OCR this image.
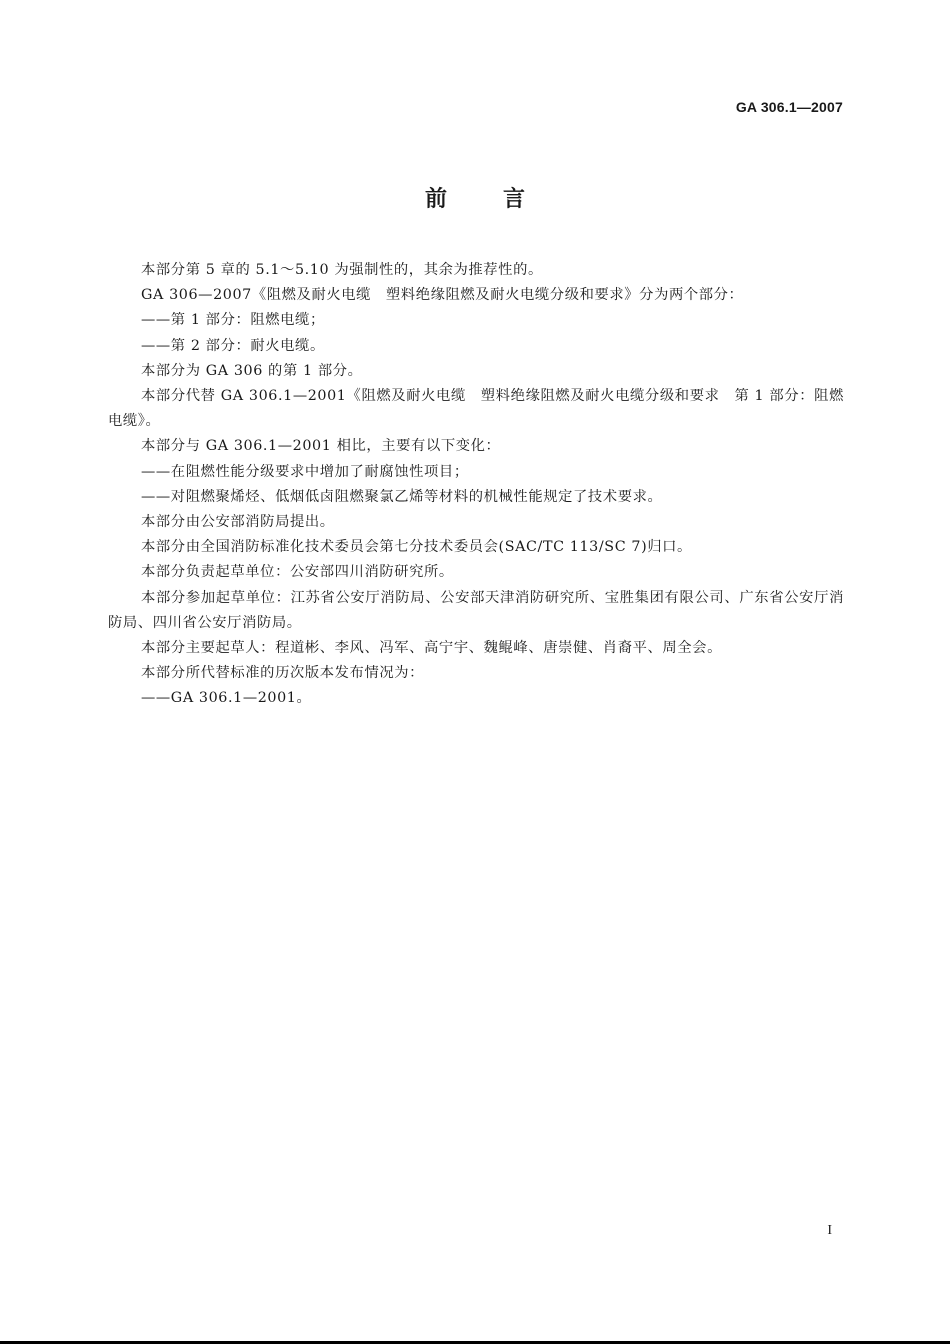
GA 306.1—2007
前言

本部分第 5 章的 5.1～5.10 为强制性的，其余为推荐性的。

GA 306—2007《阻燃及耐火电缆　塑料绝缘阻燃及耐火电缆分级和要求》分为两个部分：

——第 1 部分：阻燃电缆；

——第 2 部分：耐火电缆。

本部分为 GA 306 的第 1 部分。

本部分代替 GA 306.1—2001《阻燃及耐火电缆　塑料绝缘阻燃及耐火电缆分级和要求　第 1 部分：阻燃电缆》。

本部分与 GA 306.1—2001 相比，主要有以下变化：

——在阻燃性能分级要求中增加了耐腐蚀性项目；

——对阻燃聚烯烃、低烟低卤阻燃聚氯乙烯等材料的机械性能规定了技术要求。

本部分由公安部消防局提出。

本部分由全国消防标准化技术委员会第七分技术委员会(SAC/TC 113/SC 7)归口。

本部分负责起草单位：公安部四川消防研究所。

本部分参加起草单位：江苏省公安厅消防局、公安部天津消防研究所、宝胜集团有限公司、广东省公安厅消防局、四川省公安厅消防局。

本部分主要起草人：程道彬、李风、冯军、高宁宇、魏鲲峰、唐崇健、肖裔平、周全会。

本部分所代替标准的历次版本发布情况为：

——GA 306.1—2001。

I
